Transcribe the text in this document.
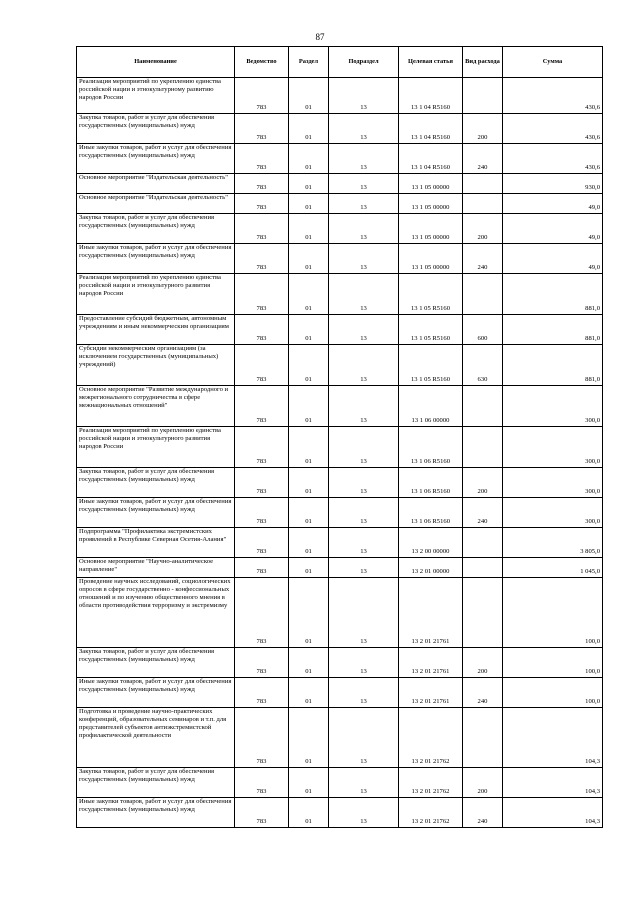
87
Наименование	Ведомство	Раздел	Подраздел	Целевая статья	Вид расхода	Сумма
Реализация мероприятий по укреплению единства российской нации и этнокультурному развитию народов России	783	01	13	13 1 04 R5160		430,6
Закупка товаров, работ и услуг для обеспечения государственных (муниципальных) нужд	783	01	13	13 1 04 R5160	200	430,6
Иные закупки товаров, работ и услуг для обеспечения государственных (муниципальных) нужд	783	01	13	13 1 04 R5160	240	430,6
Основное мероприятие "Издательская деятельность"	783	01	13	13 1 05 00000		930,0
Основное мероприятие "Издательская деятельность"	783	01	13	13 1 05 00000		49,0
Закупка товаров, работ и услуг для обеспечения государственных (муниципальных) нужд	783	01	13	13 1 05 00000	200	49,0
Иные закупки товаров, работ и услуг для обеспечения государственных (муниципальных) нужд	783	01	13	13 1 05 00000	240	49,0
Реализация мероприятий по укреплению единства российской нации и этнокультурного развития народов России	783	01	13	13 1 05 R5160		881,0
Предоставление субсидий бюджетным, автономным учреждениям и иным некоммерческим организациям	783	01	13	13 1 05 R5160	600	881,0
Субсидии некоммерческим организациям (за исключением государственных (муниципальных) учреждений)	783	01	13	13 1 05 R5160	630	881,0
Основное мероприятие "Развитие международного и межрегионального сотрудничества в сфере межнациональных отношений"	783	01	13	13 1 06 00000		300,0
Реализация мероприятий по укреплению единства российской нации и этнокультурного развития народов России	783	01	13	13 1 06 R5160		300,0
Закупка товаров, работ и услуг для обеспечения государственных (муниципальных) нужд	783	01	13	13 1 06 R5160	200	300,0
Иные закупки товаров, работ и услуг для обеспечения государственных (муниципальных) нужд	783	01	13	13 1 06 R5160	240	300,0
Подпрограмма "Профилактика экстремистских проявлений в Республике Северная Осетия-Алания"	783	01	13	13 2 00 00000		3 805,0
Основное мероприятие "Научно-аналитическое направление"	783	01	13	13 2 01 00000		1 045,0
Проведение научных исследований, социологических опросов в сфере государственно - конфессиональных отношений и по изучению общественного мнения в области противодействия терроризму и экстремизму	783	01	13	13 2 01 21761		100,0
Закупка товаров, работ и услуг для обеспечения государственных (муниципальных) нужд	783	01	13	13 2 01 21761	200	100,0
Иные закупки товаров, работ и услуг для обеспечения государственных (муниципальных) нужд	783	01	13	13 2 01 21761	240	100,0
Подготовка и проведение научно-практических конференций, образовательных семинаров и т.п. для представителей субъектов антиэкстремистской профилактической деятельности	783	01	13	13 2 01 21762		104,3
Закупка товаров, работ и услуг для обеспечения государственных (муниципальных) нужд	783	01	13	13 2 01 21762	200	104,3
Иные закупки товаров, работ и услуг для обеспечения государственных (муниципальных) нужд	783	01	13	13 2 01 21762	240	104,3
